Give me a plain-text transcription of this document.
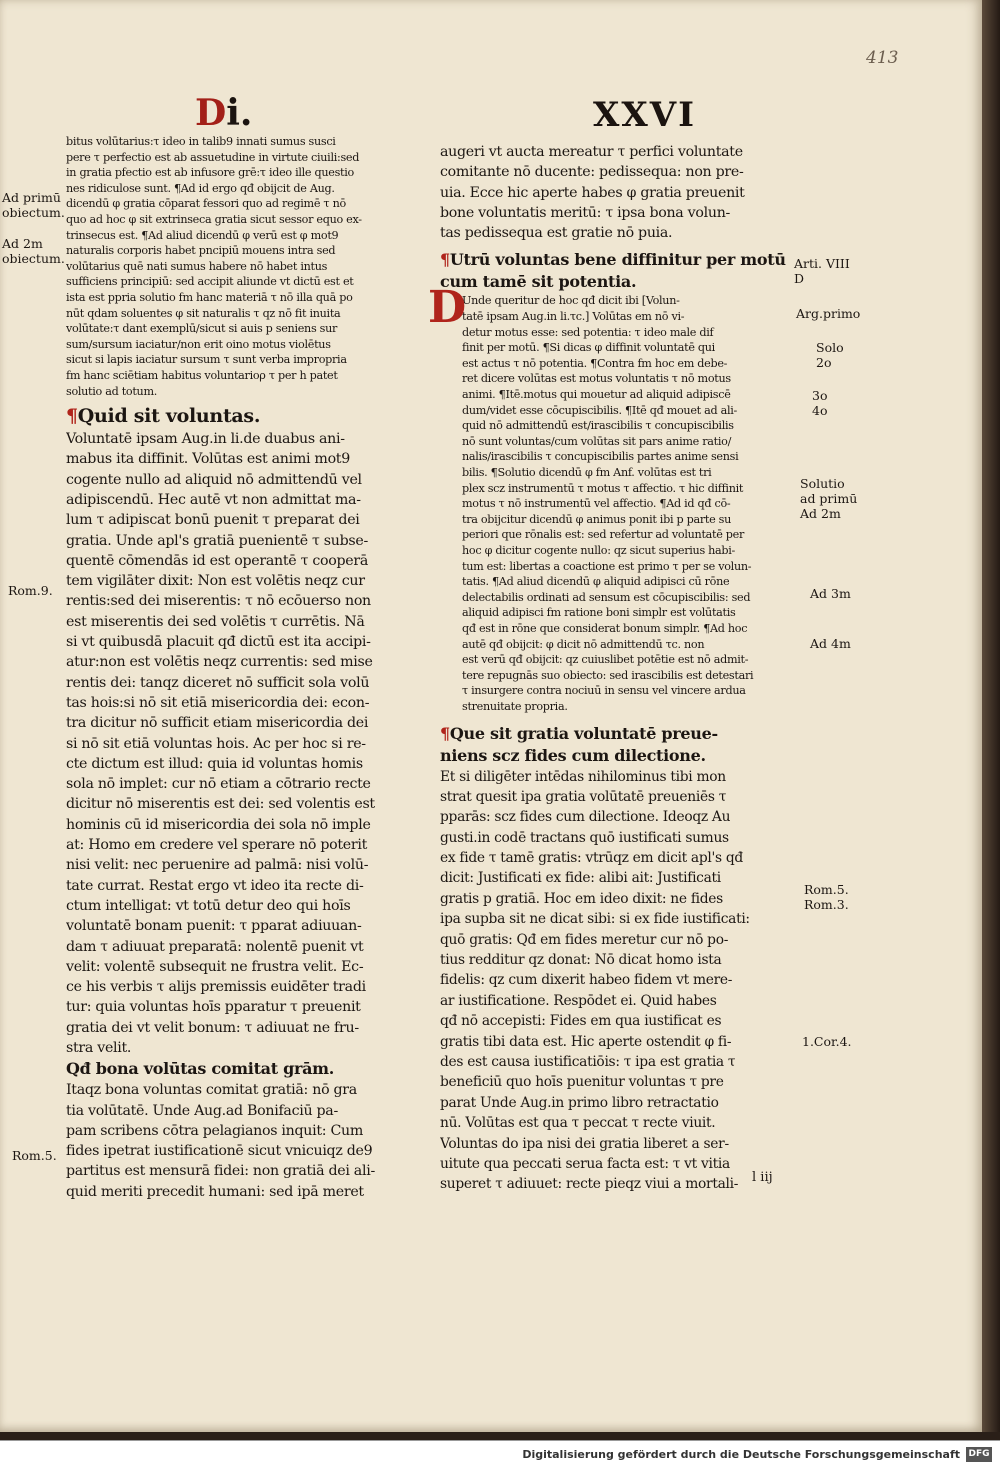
413
Di.	XXVI
bitus volūtarius:τ ideo in talib9 innati sumus susci
pere τ perfectio est ab assuetudine in virtute ciuili:sed
in gratia pfectio est ab infusore grē:τ ideo ille questio
nes ridiculose sunt. ¶Ad id ergo qđ obijcit de Aug.
dicendū φ gratia cōparat fessori quo ad regimē τ nō
quo ad hoc φ sit extrinseca gratia sicut sessor equo ex-
trinsecus est. ¶Ad aliud dicendū φ verū est φ mot9
naturalis corporis habet pncipiū mouens intra sed
volūtarius quē nati sumus habere nō habet intus
sufficiens principiū: sed accipit aliunde vt dictū est et
ista est ppria solutio fm hanc materiā τ nō illa quā po
nūt qdam soluentes φ sit naturalis τ qz nō fit inuita
volūtate:τ dant exemplū/sicut si auis p seniens sur
sum/sursum iaciatur/non erit oino motus violētus
sicut si lapis iaciatur sursum τ sunt verba impropria
fm hanc sciētiam habitus voluntarioρ τ per h patet
solutio ad totum.
¶Quid sit voluntas.
Voluntatē ipsam Aug.in li.de duabus ani-
mabus ita diffinit. Volūtas est animi mot9
cogente nullo ad aliquid nō admittendū vel
adipiscendū. Hec autē vt non admittat ma-
lum τ adipiscat bonū puenit τ preparat dei
gratia. Unde apl's gratiā puenientē τ subse-
quentē cōmendās id est operantē τ cooperā
tem vigilāter dixit: Non est volētis neqz cur
rentis:sed dei miserentis: τ nō ecōuerso non
est miserentis dei sed volētis τ currētis. Nā
si vt quibusdā placuit qđ dictū est ita accipi-
atur:non est volētis neqz currentis: sed mise
rentis dei: tanqz diceret nō sufficit sola volū
tas hois:si nō sit etiā misericordia dei: econ-
tra dicitur nō sufficit etiam misericordia dei
si nō sit etiā voluntas hois. Ac per hoc si re-
cte dictum est illud: quia id voluntas homis
sola nō implet: cur nō etiam a cōtrario recte
dicitur nō miserentis est dei: sed volentis est
hominis cū id misericordia dei sola nō imple
at: Homo em credere vel sperare nō poterit
nisi velit: nec peruenire ad palmā: nisi volū-
tate currat. Restat ergo vt ideo ita recte di-
ctum intelligat: vt totū detur deo qui hoīs
voluntatē bonam puenit: τ pparat adiuuan-
dam τ adiuuat preparatā: nolentē puenit vt
velit: volentē subsequit ne frustra velit. Ec-
ce his verbis τ alijs premissis euidēter tradi
tur: quia voluntas hoīs pparatur τ preuenit
gratia dei vt velit bonum: τ adiuuat ne fru-
stra velit.
Qđ bona volūtas comitat grām.
Itaqz bona voluntas comitat gratiā: nō gra
tia volūtatē. Unde Aug.ad Bonifaciū pa-
pam scribens cōtra pelagianos inquit: Cum
fides ipetrat iustificationē sicut vnicuiqz de9
partitus est mensurā fidei: non gratiā dei ali-
quid meriti precedit humani: sed ipā meret
augeri vt aucta mereatur τ perfici voluntate
comitante nō ducente: pedissequa: non pre-
uia. Ecce hic aperte habes φ gratia preuenit
bone voluntatis meritū: τ ipsa bona volun-
tas pedissequa est gratie nō puia.
¶Utrū voluntas bene diffinitur per motū
cum tamē sit potentia.
Unde queritur de hoc qđ dicit ibi [Volun-
tatē ipsam Aug.in li.τc.] Volūtas em nō vi-
detur motus esse: sed potentia: τ ideo male dif
finit per motū. ¶Si dicas φ diffinit voluntatē qui
est actus τ nō potentia. ¶Contra fm hoc em debe-
ret dicere volūtas est motus voluntatis τ nō motus
animi. ¶Itē.motus qui mouetur ad aliquid adipiscē
dum/videt esse cōcupiscibilis. ¶Itē qđ mouet ad ali-
quid nō admittendū est/irascibilis τ concupiscibilis
nō sunt voluntas/cum volūtas sit pars anime ratio/
nalis/irascibilis τ concupiscibilis partes anime sensi
bilis. ¶Solutio dicendū φ fm Anf. volūtas est tri
plex scz instrumentū τ motus τ affectio. τ hic diffinit
motus τ nō instrumentū vel affectio. ¶Ad id qđ cō-
tra obijcitur dicendū φ animus ponit ibi p parte su
periori que rōnalis est: sed refertur ad voluntatē per
hoc φ dicitur cogente nullo: qz sicut superius habi-
tum est: libertas a coactione est primo τ per se volun-
tatis. ¶Ad aliud dicendū φ aliquid adipisci cū rōne
delectabilis ordinati ad sensum est cōcupiscibilis: sed
aliquid adipisci fm ratione boni simplr est volūtatis
qđ est in rōne que considerat bonum simplr. ¶Ad hoc
autē qđ obijcit: φ dicit nō admittendū τc. non
est verū qđ obijcit: qz cuiuslibet potētie est nō admit-
tere repugnās suo obiecto: sed irascibilis est detestari
τ insurgere contra nociuū in sensu vel vincere ardua
strenuitate propria.
¶Que sit gratia voluntatē preue-
niens scz fides cum dilectione.
Et si diligēter intēdas nihilominus tibi mon
strat quesit ipa gratia volūtatē preueniēs τ
pparās: scz fides cum dilectione. Ideoqz Au
gusti.in codē tractans quō iustificati sumus
ex fide τ tamē gratis: vtrūqz em dicit apl's qđ
dicit: Justificati ex fide: alibi ait: Justificati
gratis p gratiā. Hoc em ideo dixit: ne fides
ipa supba sit ne dicat sibi: si ex fide iustificati:
quō gratis: Qđ em fides meretur cur nō po-
tius redditur qz donat: Nō dicat homo ista
fidelis: qz cum dixerit habeo fidem vt mere-
ar iustificatione. Respōdet ei. Quid habes
qđ nō accepisti: Fides em qua iustificat es
gratis tibi data est. Hic aperte ostendit φ fi-
des est causa iustificatiōis: τ ipa est gratia τ
beneficiū quo hoīs puenitur voluntas τ pre
parat Unde Aug.in primo libro retractatio
nū. Volūtas est qua τ peccat τ recte viuit.
Voluntas do ipa nisi dei gratia liberet a ser-
uitute qua peccati serua facta est: τ vt vitia
superet τ adiuuet: recte pieqz viui a mortali-
D
l iij
Ad primū
obiectum.
Ad 2m
obiectum.
Rom.9.
Rom.5.
Arti. VIII
D
Arg.primo
Solo
2o
3o
4o
Solutio
ad primū
Ad 2m
Ad 3m
Ad 4m
Rom.5.
Rom.3.
1.Cor.4.
Digitalisierung gefördert durch die Deutsche Forschungsgemeinschaft DFG
